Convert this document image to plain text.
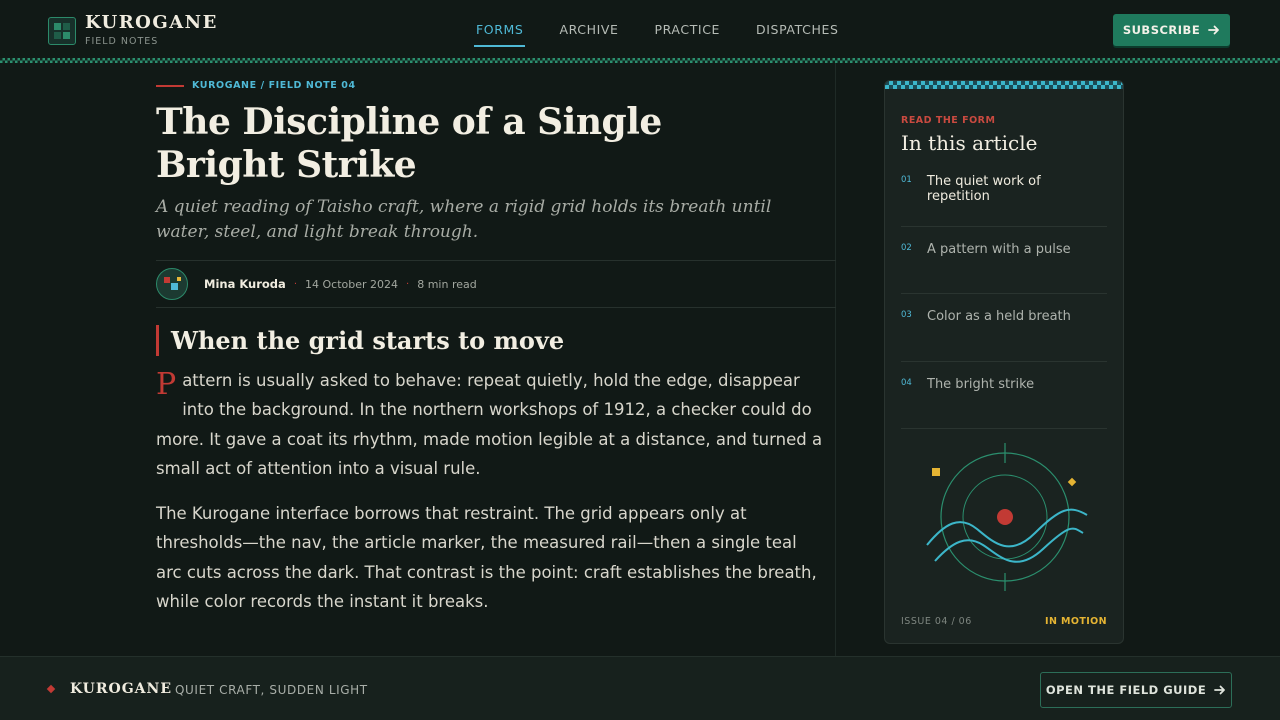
KUROGANE
FIELD NOTES
FORMS	ARCHIVE	PRACTICE	DISPATCHES	SUBSCRIBE
KUROGANE / FIELD NOTE 04
The Discipline of a Single Bright Strike

A quiet reading of Taisho craft, where a rigid grid holds its breath until water, steel, and light break through.

Mina Kuroda · 14 October 2024 · 8 min read
When the grid starts to move

Pattern is usually asked to behave: repeat quietly, hold the edge, disappear into the background. In the northern workshops of 1912, a checker could do more. It gave a coat its rhythm, made motion legible at a distance, and turned a small act of attention into a visual rule.

The Kurogane interface borrows that restraint. The grid appears only at thresholds—the nav, the article marker, the measured rail—then a single teal arc cuts across the dark. That contrast is the point: craft establishes the breath, while color records the instant it breaks.

READ THE FORM
In this article
01	The quiet work of repetition
02	A pattern with a pulse
03	Color as a held breath
04	The bright strike
ISSUE 04 / 06	IN MOTION
KUROGANE QUIET CRAFT, SUDDEN LIGHT	OPEN THE FIELD GUIDE
